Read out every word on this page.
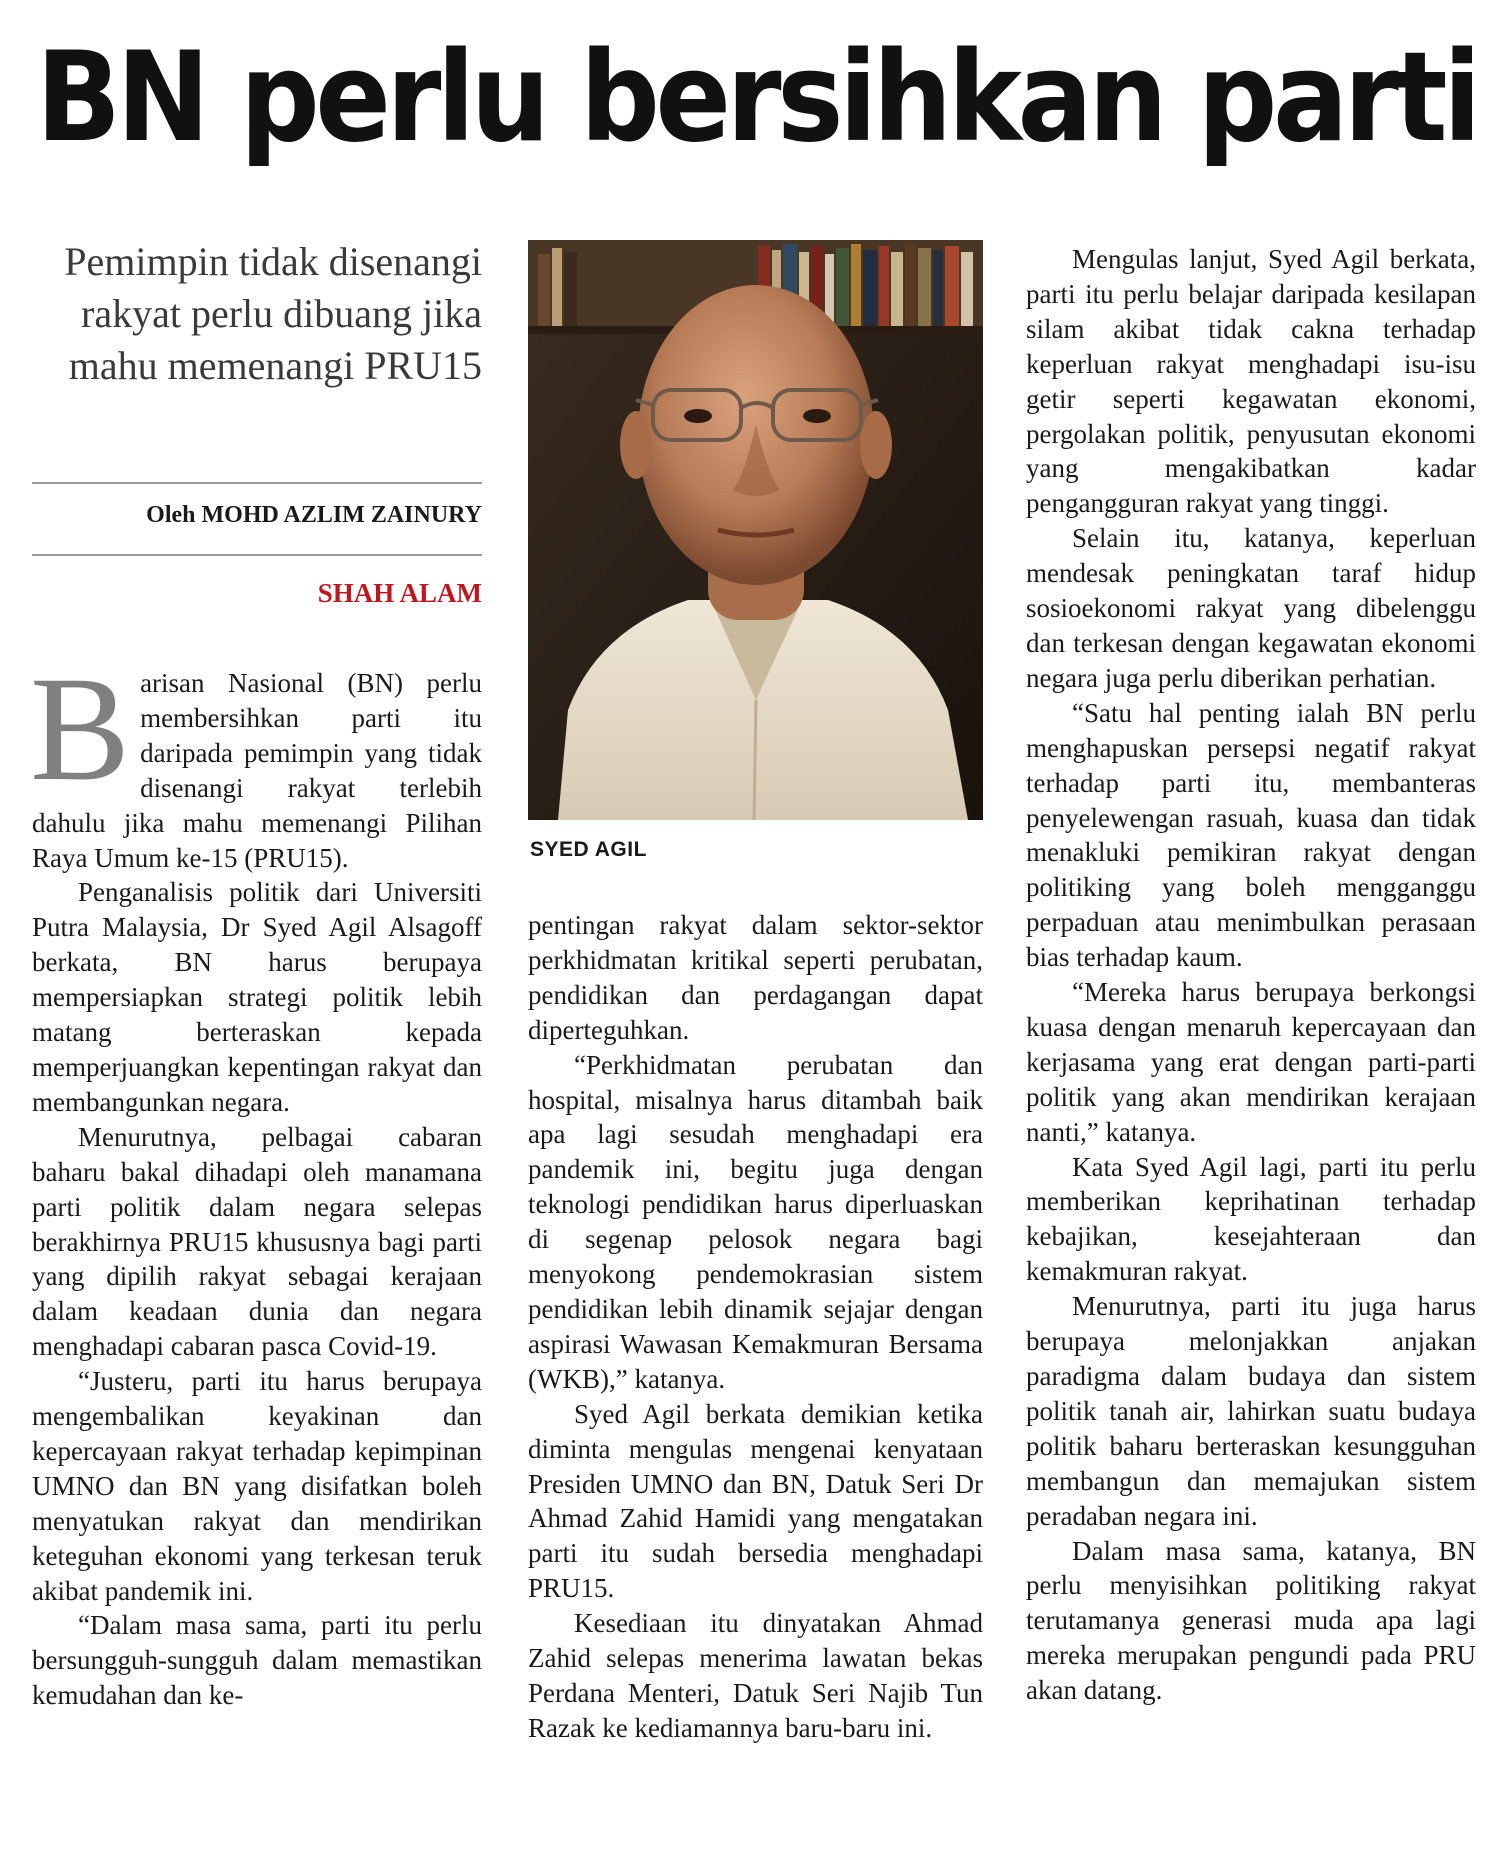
BN perlu bersihkan parti
Pemimpin tidak disenangi rakyat perlu dibuang jika mahu memenangi PRU15
Oleh MOHD AZLIM ZAINURY
SHAH ALAM

Barisan Nasional (BN) perlu membersihkan parti itu daripada pemimpin yang tidak disenangi rakyat terlebih dahulu jika mahu memenangi Pilihan Raya Umum ke-15 (PRU15).

Penganalisis politik dari Universiti Putra Malaysia, Dr Syed Agil Alsagoff berkata, BN harus berupaya mempersiapkan strategi politik lebih matang berteraskan kepada memperjuangkan kepentingan rakyat dan membangunkan negara.

Menurutnya, pelbagai cabaran baharu bakal dihadapi oleh manamana parti politik dalam negara selepas berakhirnya PRU15 khususnya bagi parti yang dipilih rakyat sebagai kerajaan dalam keadaan dunia dan negara menghadapi cabaran pasca Covid-19.

“Justeru, parti itu harus berupaya mengembalikan keyakinan dan kepercayaan rakyat terhadap kepimpinan UMNO dan BN yang disifatkan boleh menyatukan rakyat dan mendirikan keteguhan ekonomi yang terkesan teruk akibat pandemik ini.

“Dalam masa sama, parti itu perlu bersungguh-sungguh dalam memastikan kemudahan dan ke-

SYED AGIL

pentingan rakyat dalam sektor-sektor perkhidmatan kritikal seperti perubatan, pendidikan dan perdagangan dapat diperteguhkan.

“Perkhidmatan perubatan dan hospital, misalnya harus ditambah baik apa lagi sesudah menghadapi era pandemik ini, begitu juga dengan teknologi pendidikan harus diperluaskan di segenap pelosok negara bagi menyokong pendemokrasian sistem pendidikan lebih dinamik sejajar dengan aspirasi Wawasan Kemakmuran Bersama (WKB),” katanya.

Syed Agil berkata demikian ketika diminta mengulas mengenai kenyataan Presiden UMNO dan BN, Datuk Seri Dr Ahmad Zahid Hamidi yang mengatakan parti itu sudah bersedia menghadapi PRU15.

Kesediaan itu dinyatakan Ahmad Zahid selepas menerima lawatan bekas Perdana Menteri, Datuk Seri Najib Tun Razak ke kediamannya baru-baru ini.

Mengulas lanjut, Syed Agil berkata, parti itu perlu belajar daripada kesilapan silam akibat tidak cakna terhadap keperluan rakyat menghadapi isu-isu getir seperti kegawatan ekonomi, pergolakan politik, penyusutan ekonomi yang mengakibatkan kadar pengangguran rakyat yang tinggi.

Selain itu, katanya, keperluan mendesak peningkatan taraf hidup sosioekonomi rakyat yang dibelenggu dan terkesan dengan kegawatan ekonomi negara juga perlu diberikan perhatian.

“Satu hal penting ialah BN perlu menghapuskan persepsi negatif rakyat terhadap parti itu, membanteras penyelewengan rasuah, kuasa dan tidak menakluki pemikiran rakyat dengan politiking yang boleh mengganggu perpaduan atau menimbulkan perasaan bias terhadap kaum.

“Mereka harus berupaya berkongsi kuasa dengan menaruh kepercayaan dan kerjasama yang erat dengan parti-parti politik yang akan mendirikan kerajaan nanti,” katanya.

Kata Syed Agil lagi, parti itu perlu memberikan keprihatinan terhadap kebajikan, kesejahteraan dan kemakmuran rakyat.

Menurutnya, parti itu juga harus berupaya melonjakkan anjakan paradigma dalam budaya dan sistem politik tanah air, lahirkan suatu budaya politik baharu berteraskan kesungguhan membangun dan memajukan sistem peradaban negara ini.

Dalam masa sama, katanya, BN perlu menyisihkan politiking rakyat terutamanya generasi muda apa lagi mereka merupakan pengundi pada PRU akan datang.
